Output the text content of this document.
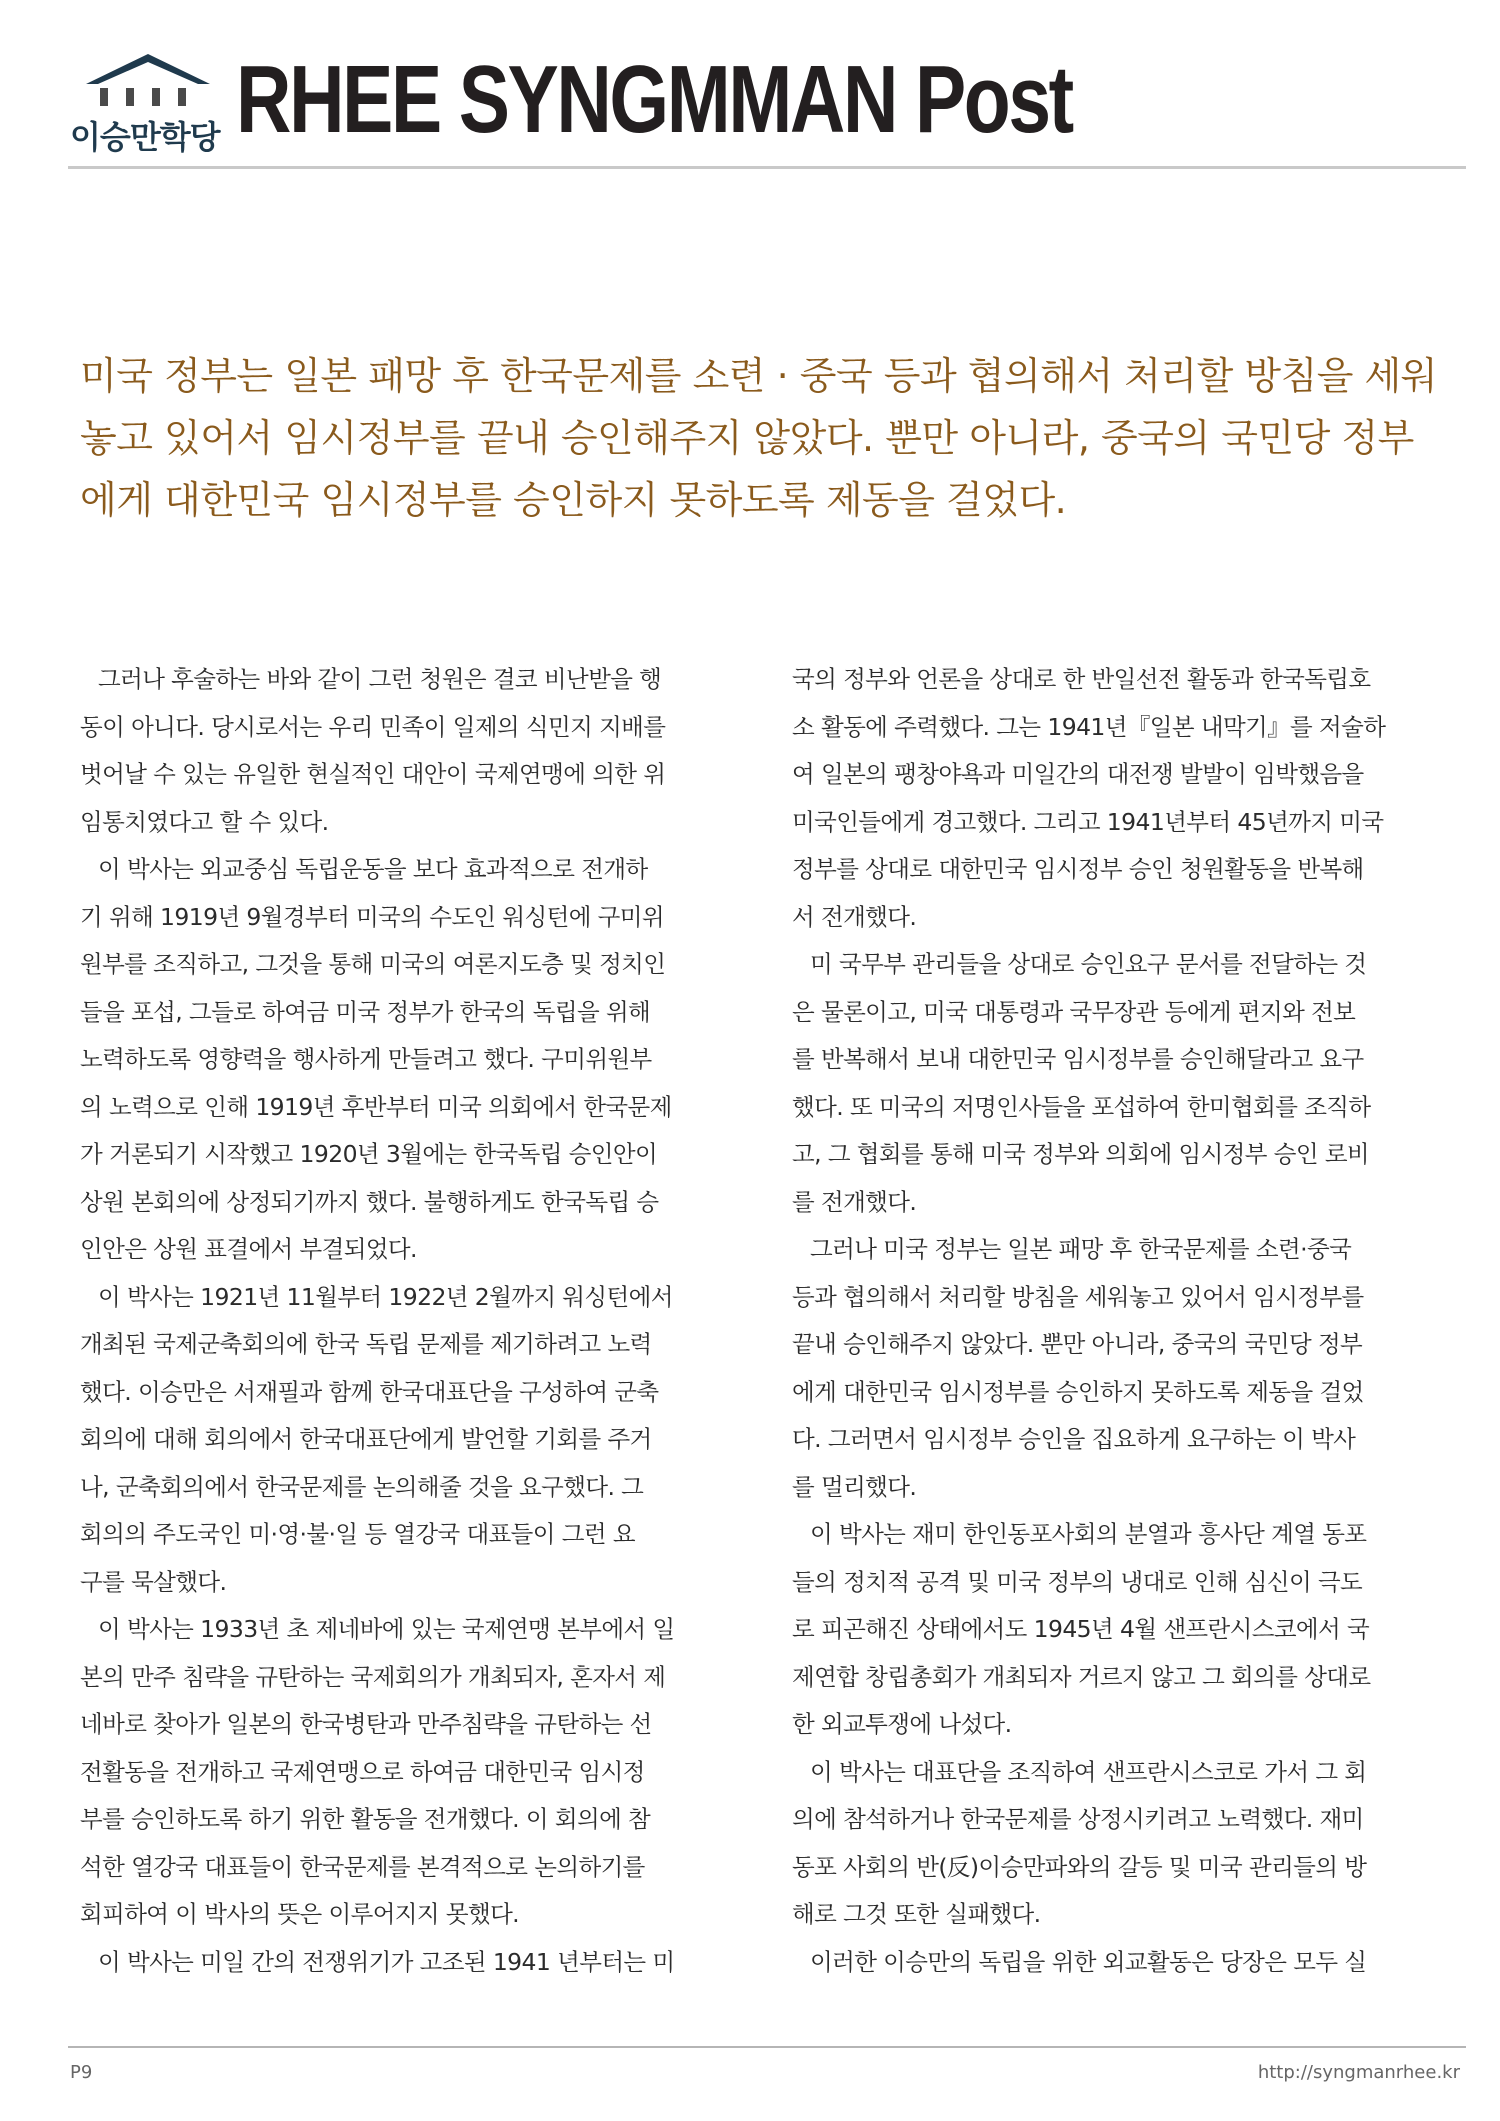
이승만학당 RHEE SYNGMMAN Post

미국 정부는 일본 패망 후 한국문제를 소련 · 중국 등과 협의해서 처리할 방침을 세워

놓고 있어서 임시정부를 끝내 승인해주지 않았다. 뿐만 아니라, 중국의 국민당 정부

에게 대한민국 임시정부를 승인하지 못하도록 제동을 걸었다.

그러나 후술하는 바와 같이 그런 청원은 결코 비난받을 행
동이 아니다. 당시로서는 우리 민족이 일제의 식민지 지배를
벗어날 수 있는 유일한 현실적인 대안이 국제연맹에 의한 위
임통치였다고 할 수 있다.
이 박사는 외교중심 독립운동을 보다 효과적으로 전개하
기 위해 1919년 9월경부터 미국의 수도인 워싱턴에 구미위
원부를 조직하고, 그것을 통해 미국의 여론지도층 및 정치인
들을 포섭, 그들로 하여금 미국 정부가 한국의 독립을 위해
노력하도록 영향력을 행사하게 만들려고 했다. 구미위원부
의 노력으로 인해 1919년 후반부터 미국 의회에서 한국문제
가 거론되기 시작했고 1920년 3월에는 한국독립 승인안이
상원 본회의에 상정되기까지 했다. 불행하게도 한국독립 승
인안은 상원 표결에서 부결되었다.
이 박사는 1921년 11월부터 1922년 2월까지 워싱턴에서
개최된 국제군축회의에 한국 독립 문제를 제기하려고 노력
했다. 이승만은 서재필과 함께 한국대표단을 구성하여 군축
회의에 대해 회의에서 한국대표단에게 발언할 기회를 주거
나, 군축회의에서 한국문제를 논의해줄 것을 요구했다. 그
회의의 주도국인 미·영·불·일 등 열강국 대표들이 그런 요
구를 묵살했다.
이 박사는 1933년 초 제네바에 있는 국제연맹 본부에서 일
본의 만주 침략을 규탄하는 국제회의가 개최되자, 혼자서 제
네바로 찾아가 일본의 한국병탄과 만주침략을 규탄하는 선
전활동을 전개하고 국제연맹으로 하여금 대한민국 임시정
부를 승인하도록 하기 위한 활동을 전개했다. 이 회의에 참
석한 열강국 대표들이 한국문제를 본격적으로 논의하기를
회피하여 이 박사의 뜻은 이루어지지 못했다.
이 박사는 미일 간의 전쟁위기가 고조된 1941 년부터는 미
국의 정부와 언론을 상대로 한 반일선전 활동과 한국독립호
소 활동에 주력했다. 그는 1941년『일본 내막기』를 저술하
여 일본의 팽창야욕과 미일간의 대전쟁 발발이 임박했음을
미국인들에게 경고했다. 그리고 1941년부터 45년까지 미국
정부를 상대로 대한민국 임시정부 승인 청원활동을 반복해
서 전개했다.
미 국무부 관리들을 상대로 승인요구 문서를 전달하는 것
은 물론이고, 미국 대통령과 국무장관 등에게 편지와 전보
를 반복해서 보내 대한민국 임시정부를 승인해달라고 요구
했다. 또 미국의 저명인사들을 포섭하여 한미협회를 조직하
고, 그 협회를 통해 미국 정부와 의회에 임시정부 승인 로비
를 전개했다.
그러나 미국 정부는 일본 패망 후 한국문제를 소련·중국
등과 협의해서 처리할 방침을 세워놓고 있어서 임시정부를
끝내 승인해주지 않았다. 뿐만 아니라, 중국의 국민당 정부
에게 대한민국 임시정부를 승인하지 못하도록 제동을 걸었
다. 그러면서 임시정부 승인을 집요하게 요구하는 이 박사
를 멀리했다.
이 박사는 재미 한인동포사회의 분열과 흥사단 계열 동포
들의 정치적 공격 및 미국 정부의 냉대로 인해 심신이 극도
로 피곤해진 상태에서도 1945년 4월 샌프란시스코에서 국
제연합 창립총회가 개최되자 거르지 않고 그 회의를 상대로
한 외교투쟁에 나섰다.
이 박사는 대표단을 조직하여 샌프란시스코로 가서 그 회
의에 참석하거나 한국문제를 상정시키려고 노력했다. 재미
동포 사회의 반(反)이승만파와의 갈등 및 미국 관리들의 방
해로 그것 또한 실패했다.
이러한 이승만의 독립을 위한 외교활동은 당장은 모두 실
P9	http://syngmanrhee.kr
